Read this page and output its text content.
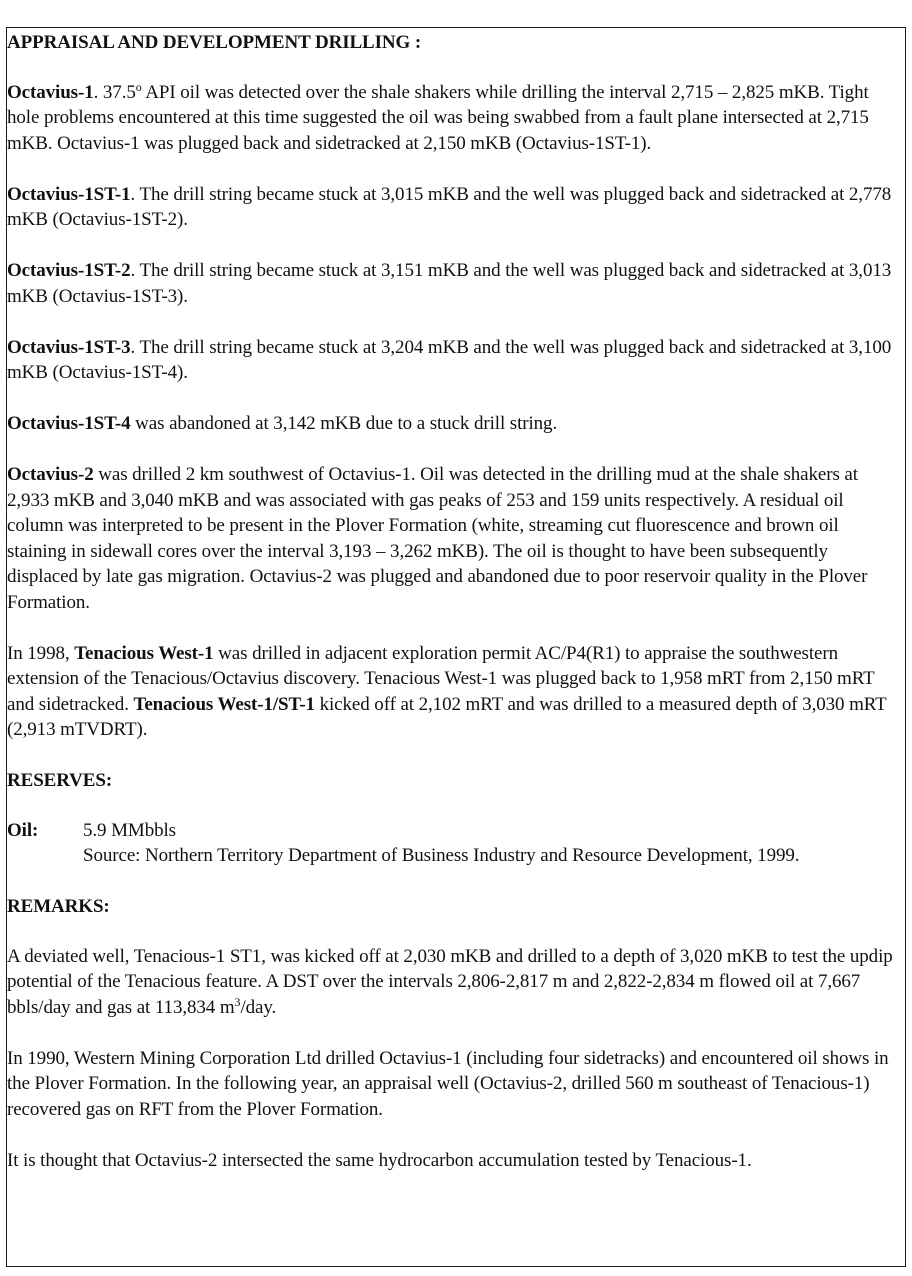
APPRAISAL AND DEVELOPMENT DRILLING :

Octavius-1. 37.5$^o$ API oil was detected over the shale shakers while drilling the interval 2,715 – 2,825 mKB. Tight hole problems encountered at this time suggested the oil was being swabbed from a fault plane intersected at 2,715 mKB. Octavius-1 was plugged back and sidetracked at 2,150 mKB (Octavius-1ST-1).

Octavius-1ST-1. The drill string became stuck at 3,015 mKB and the well was plugged back and sidetracked at 2,778 mKB (Octavius-1ST-2).

Octavius-1ST-2. The drill string became stuck at 3,151 mKB and the well was plugged back and sidetracked at 3,013 mKB (Octavius-1ST-3).

Octavius-1ST-3. The drill string became stuck at 3,204 mKB and the well was plugged back and sidetracked at 3,100 mKB (Octavius-1ST-4).

Octavius-1ST-4 was abandoned at 3,142 mKB due to a stuck drill string.

Octavius-2 was drilled 2 km southwest of Octavius-1. Oil was detected in the drilling mud at the shale shakers at 2,933 mKB and 3,040 mKB and was associated with gas peaks of 253 and 159 units respectively. A residual oil column was interpreted to be present in the Plover Formation (white, streaming cut fluorescence and brown oil staining in sidewall cores over the interval 3,193 – 3,262 mKB). The oil is thought to have been subsequently displaced by late gas migration. Octavius-2 was plugged and abandoned due to poor reservoir quality in the Plover Formation.

In 1998, Tenacious West-1 was drilled in adjacent exploration permit AC/P4(R1) to appraise the southwestern extension of the Tenacious/Octavius discovery. Tenacious West-1 was plugged back to 1,958 mRT from 2,150 mRT and sidetracked. Tenacious West-1/ST-1 kicked off at 2,102 mRT and was drilled to a measured depth of 3,030 mRT (2,913 mTVDRT).

RESERVES:
Oil:	5.9 MMbbls
Source: Northern Territory Department of Business Industry and Resource Development, 1999.
REMARKS:

A deviated well, Tenacious-1 ST1, was kicked off at 2,030 mKB and drilled to a depth of 3,020 mKB to test the updip potential of the Tenacious feature. A DST over the intervals 2,806-2,817 m and 2,822-2,834 m flowed oil at 7,667 bbls/day and gas at 113,834 $m^3$/day.

In 1990, Western Mining Corporation Ltd drilled Octavius-1 (including four sidetracks) and encountered oil shows in the Plover Formation. In the following year, an appraisal well (Octavius-2, drilled 560 m southeast of Tenacious-1) recovered gas on RFT from the Plover Formation.

It is thought that Octavius-2 intersected the same hydrocarbon accumulation tested by Tenacious-1.
